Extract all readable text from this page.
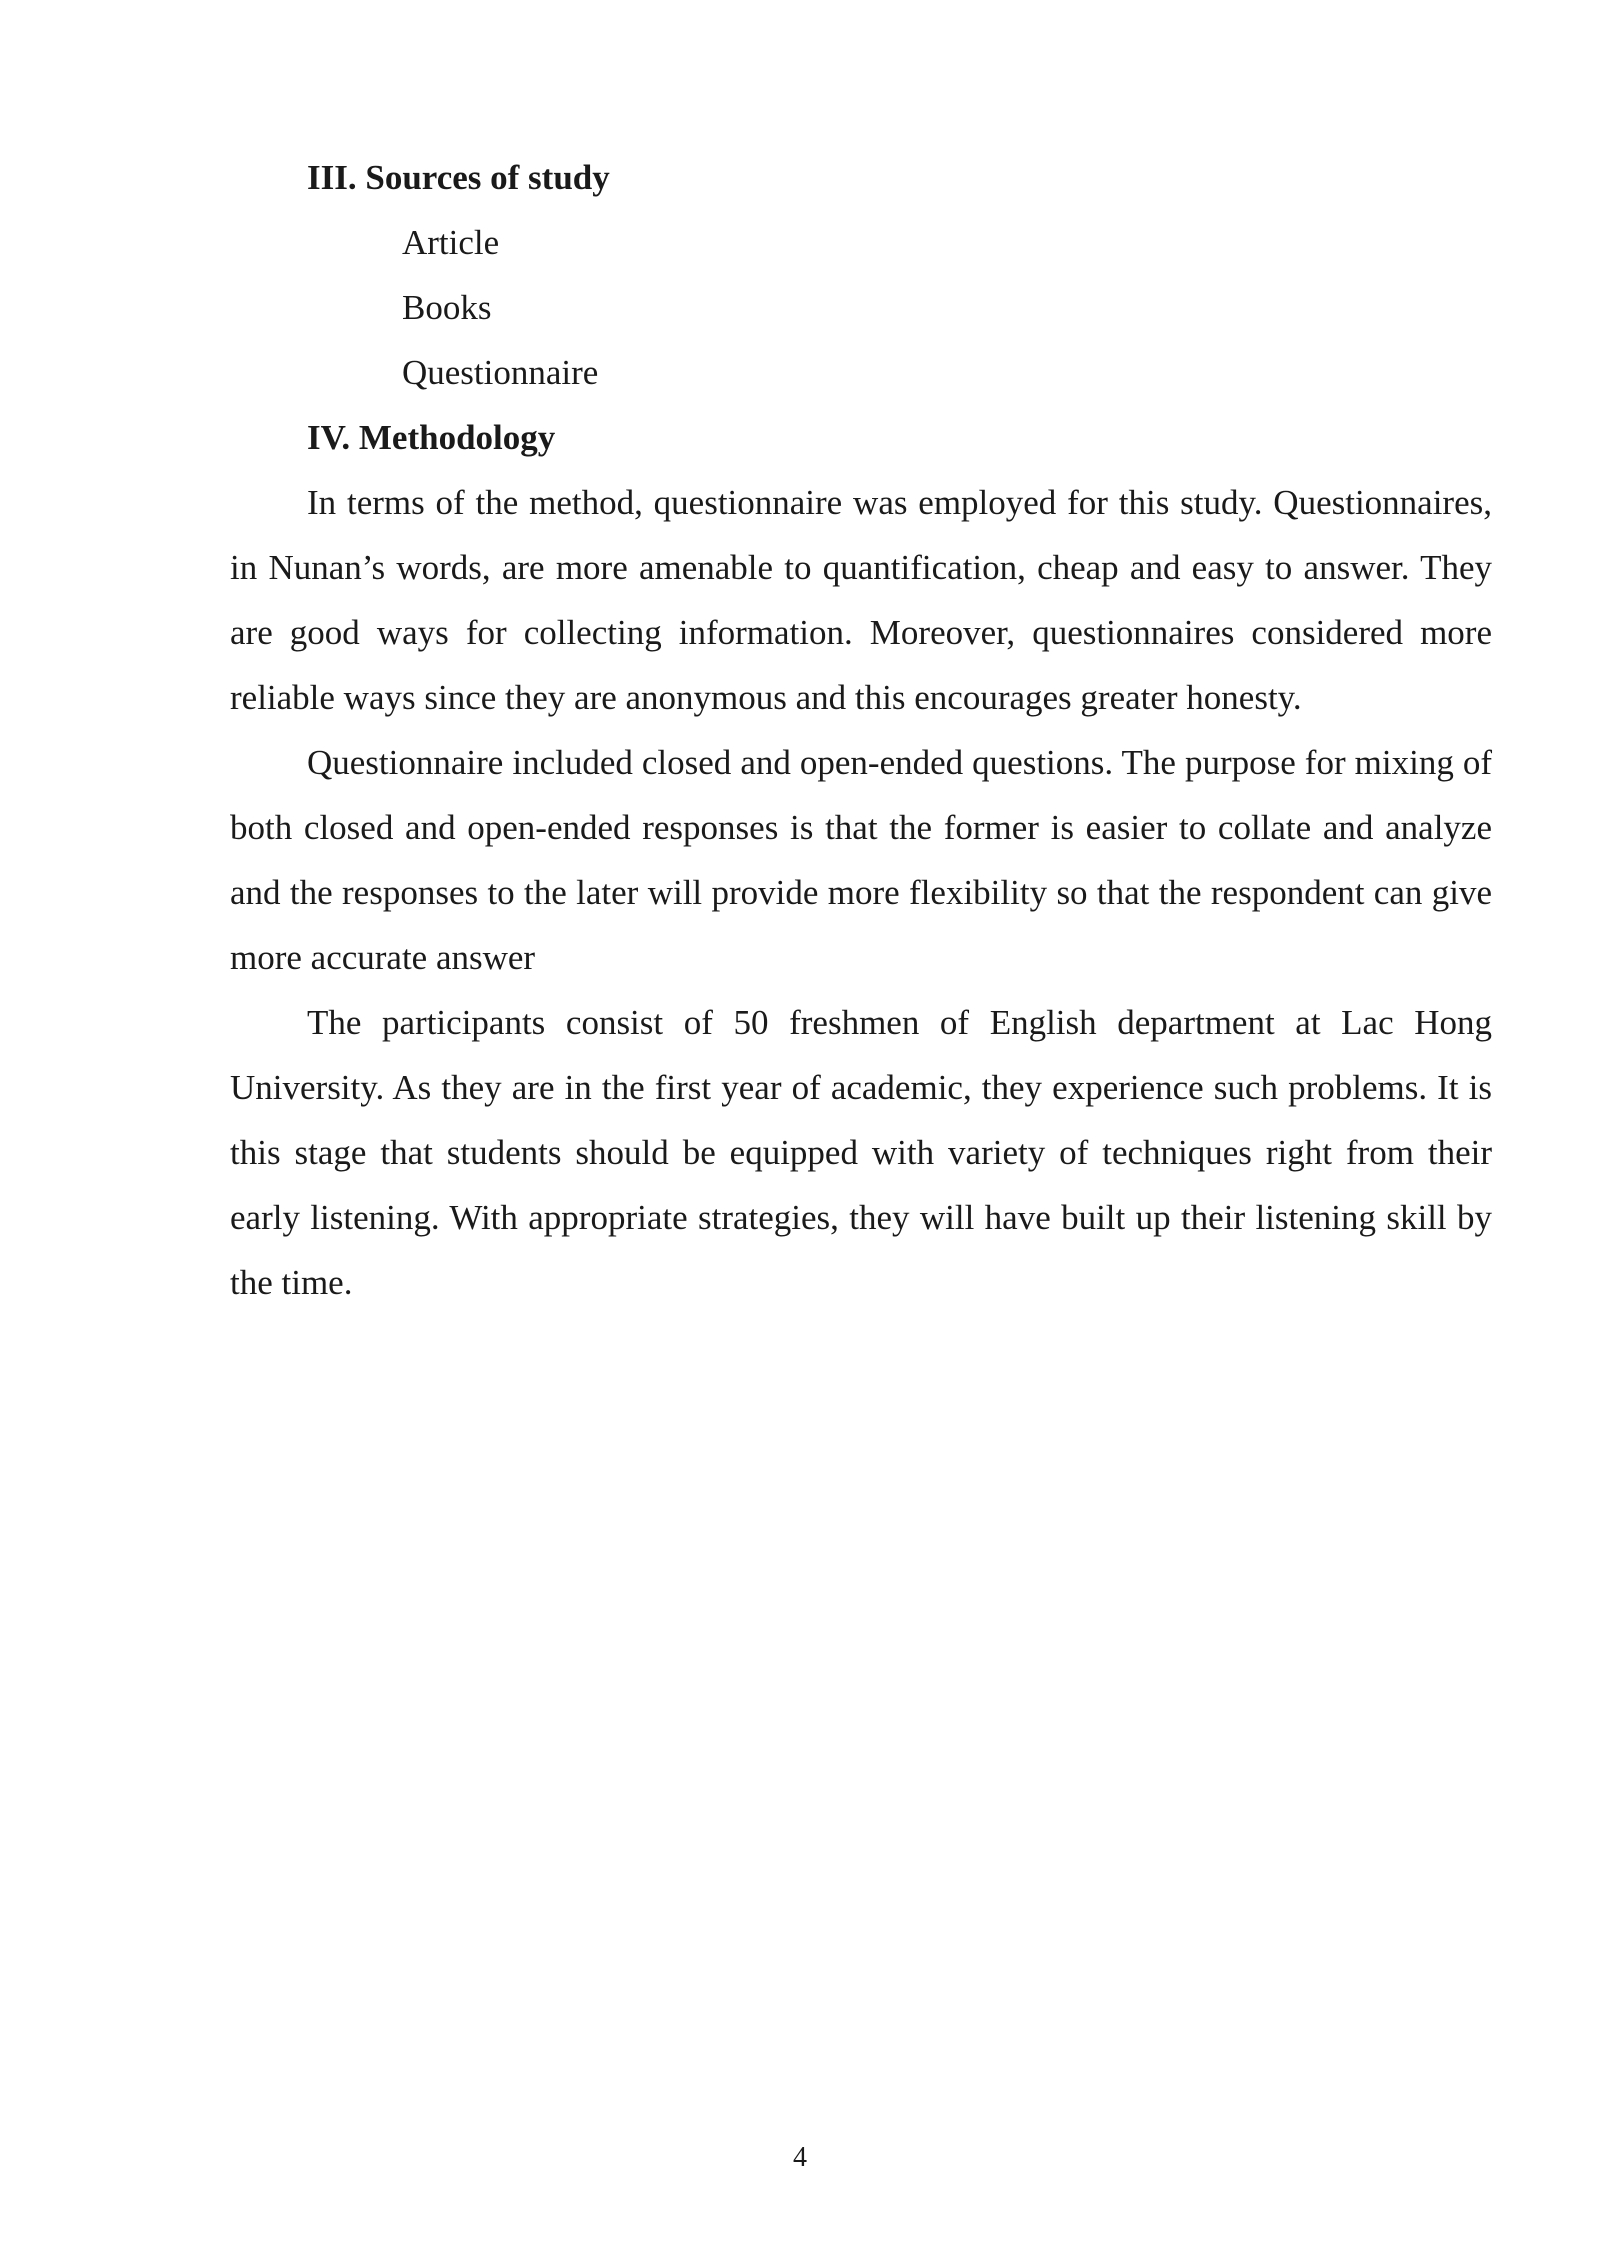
III. Sources of study
Article
Books
Questionnaire
IV. Methodology

In terms of the method, questionnaire was employed for this study. Questionnaires, in Nunan’s words, are more amenable to quantification, cheap and easy to answer. They are good ways for collecting information. Moreover, questionnaires considered more reliable ways since they are anonymous and this encourages greater honesty.

Questionnaire included closed and open-ended questions. The purpose for mixing of both closed and open-ended responses is that the former is easier to collate and analyze and the responses to the later will provide more flexibility so that the respondent can give more accurate answer

The participants consist of 50 freshmen of English department at Lac Hong University. As they are in the first year of academic, they experience such problems. It is this stage that students should be equipped with variety of techniques right from their early listening. With appropriate strategies, they will have built up their listening skill by the time.

4
